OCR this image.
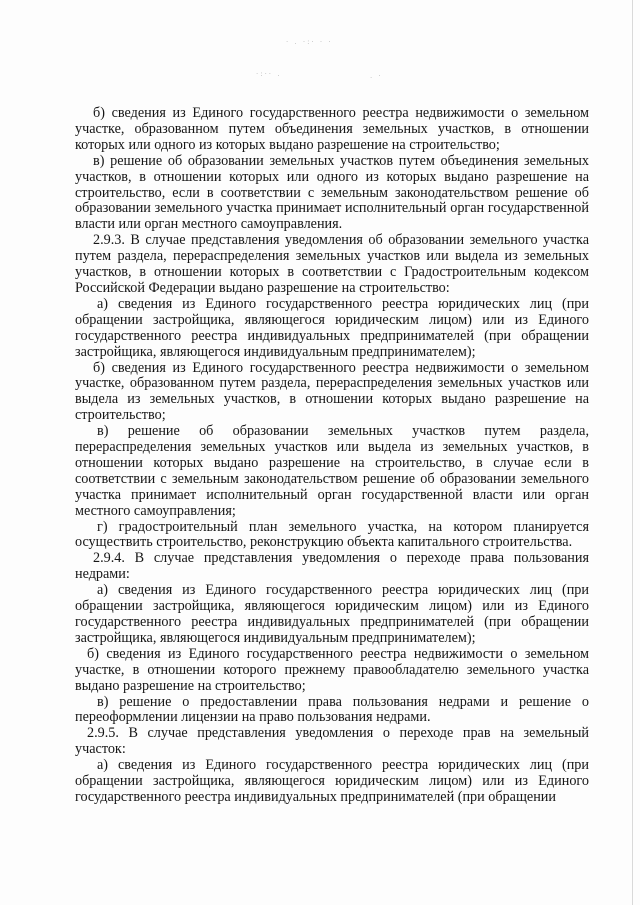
· . ·:· · ·
·:·· .	. ·

б) сведения из Единого государственного реестра недвижимости о земельном участке, образованном путем объединения земельных участков, в отношении которых или одного из которых выдано разрешение на строительство;

в) решение об образовании земельных участков путем объединения земельных участков, в отношении которых или одного из которых выдано разрешение на строительство, если в соответствии с земельным законодательством решение об образовании земельного участка принимает исполнительный орган государственной власти или орган местного самоуправления.

2.9.3. В случае представления уведомления об образовании земельного участка путем раздела, перераспределения земельных участков или выдела из земельных участков, в отношении которых в соответствии с Градостроительным кодексом Российской Федерации выдано разрешение на строительство:

а) сведения из Единого государственного реестра юридических лиц (при обращении застройщика, являющегося юридическим лицом) или из Единого государственного реестра индивидуальных предпринимателей (при обращении застройщика, являющегося индивидуальным предпринимателем);

б) сведения из Единого государственного реестра недвижимости о земельном участке, образованном путем раздела, перераспределения земельных участков или выдела из земельных участков, в отношении которых выдано разрешение на строительство;

в) решение об образовании земельных участков путем раздела, перераспределения земельных участков или выдела из земельных участков, в отношении которых выдано разрешение на строительство, в случае если в соответствии с земельным законодательством решение об образовании земельного участка принимает исполнительный орган государственной власти или орган местного самоуправления;

г) градостроительный план земельного участка, на котором планируется осуществить строительство, реконструкцию объекта капитального строительства.

2.9.4. В случае представления уведомления о переходе права пользования недрами:

а) сведения из Единого государственного реестра юридических лиц (при обращении застройщика, являющегося юридическим лицом) или из Единого государственного реестра индивидуальных предпринимателей (при обращении застройщика, являющегося индивидуальным предпринимателем);

б) сведения из Единого государственного реестра недвижимости о земельном участке, в отношении которого прежнему правообладателю земельного участка выдано разрешение на строительство;

в) решение о предоставлении права пользования недрами и решение о переоформлении лицензии на право пользования недрами.

2.9.5. В случае представления уведомления о переходе прав на земельный участок:

а) сведения из Единого государственного реестра юридических лиц (при обращении застройщика, являющегося юридическим лицом) или из Единого государственного реестра индивидуальных предпринимателей (при обращении
